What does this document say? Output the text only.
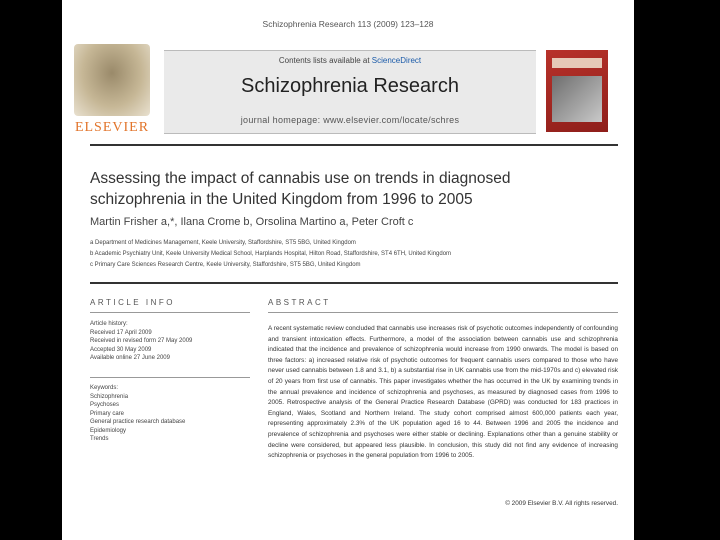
Schizophrenia Research 113 (2009) 123–128
ELSEVIER
Contents lists available at ScienceDirect
Schizophrenia Research
journal homepage: www.elsevier.com/locate/schres
Assessing the impact of cannabis use on trends in diagnosed schizophrenia in the United Kingdom from 1996 to 2005
Martin Frisher a,*, Ilana Crome b, Orsolina Martino a, Peter Croft c
a Department of Medicines Management, Keele University, Staffordshire, ST5 5BG, United Kingdom
b Academic Psychiatry Unit, Keele University Medical School, Harplands Hospital, Hilton Road, Staffordshire, ST4 6TH, United Kingdom
c Primary Care Sciences Research Centre, Keele University, Staffordshire, ST5 5BG, United Kingdom
ARTICLE INFO
Article history:
Received 17 April 2009
Received in revised form 27 May 2009
Accepted 30 May 2009
Available online 27 June 2009
Keywords:
Schizophrenia
Psychoses
Primary care
General practice research database
Epidemiology
Trends
ABSTRACT
A recent systematic review concluded that cannabis use increases risk of psychotic outcomes independently of confounding and transient intoxication effects. Furthermore, a model of the association between cannabis use and schizophrenia indicated that the incidence and prevalence of schizophrenia would increase from 1990 onwards. The model is based on three factors: a) increased relative risk of psychotic outcomes for frequent cannabis users compared to those who have never used cannabis between 1.8 and 3.1, b) a substantial rise in UK cannabis use from the mid-1970s and c) elevated risk of 20 years from first use of cannabis. This paper investigates whether the has occurred in the UK by examining trends in the annual prevalence and incidence of schizophrenia and psychoses, as measured by diagnosed cases from 1996 to 2005. Retrospective analysis of the General Practice Research Database (GPRD) was conducted for 183 practices in England, Wales, Scotland and Northern Ireland. The study cohort comprised almost 600,000 patients each year, representing approximately 2.3% of the UK population aged 16 to 44. Between 1996 and 2005 the incidence and prevalence of schizophrenia and psychoses were either stable or declining. Explanations other than a genuine stability or decline were considered, but appeared less plausible. In conclusion, this study did not find any evidence of increasing schizophrenia or psychoses in the general population from 1996 to 2005.
© 2009 Elsevier B.V. All rights reserved.
